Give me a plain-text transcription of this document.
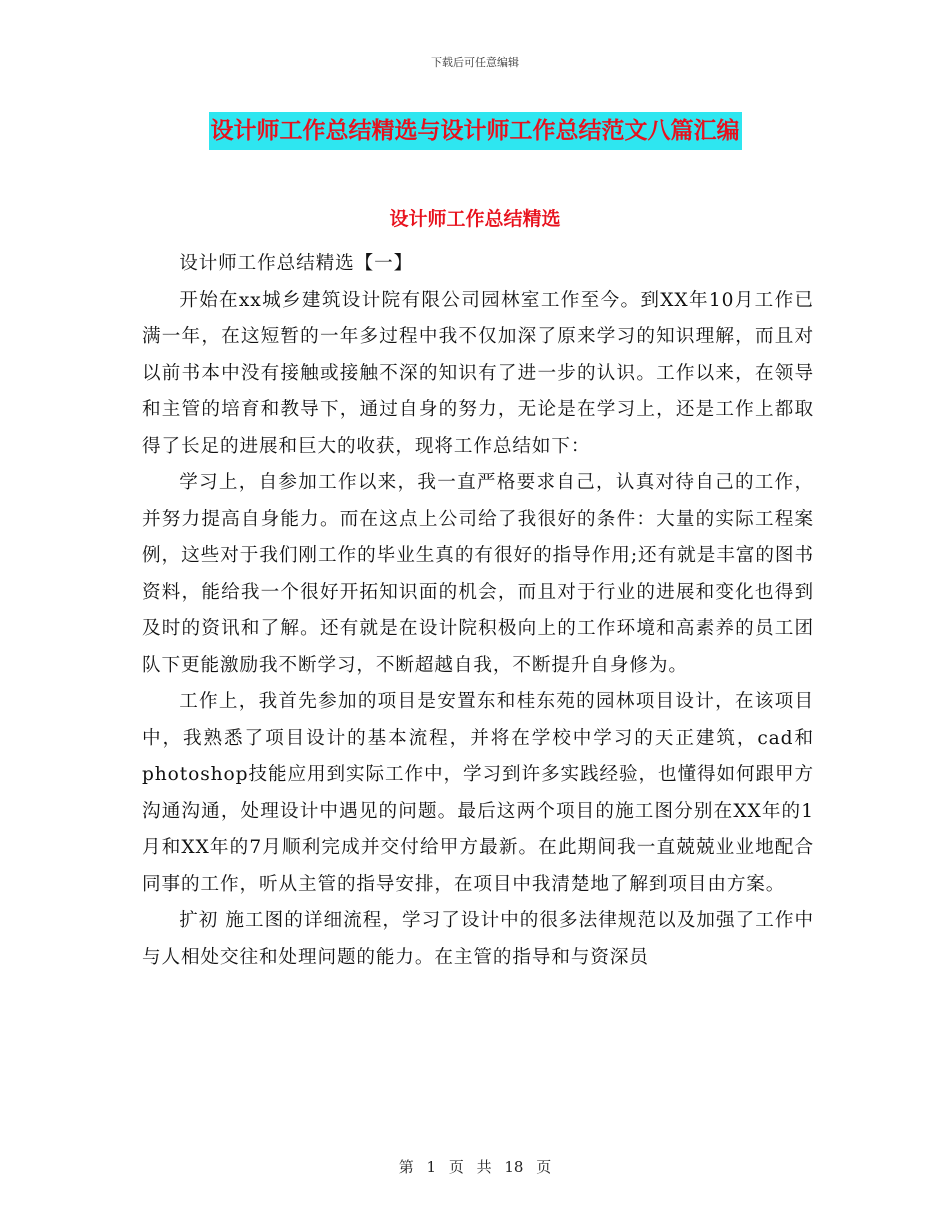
下载后可任意编辑
设计师工作总结精选与设计师工作总结范文八篇汇编
设计师工作总结精选

设计师工作总结精选【一】

开始在xx城乡建筑设计院有限公司园林室工作至今。到XX年10月工作已满一年，在这短暂的一年多过程中我不仅加深了原来学习的知识理解，而且对以前书本中没有接触或接触不深的知识有了进一步的认识。工作以来，在领导和主管的培育和教导下，通过自身的努力，无论是在学习上，还是工作上都取得了长足的进展和巨大的收获，现将工作总结如下：

学习上，自参加工作以来，我一直严格要求自己，认真对待自己的工作，并努力提高自身能力。而在这点上公司给了我很好的条件：大量的实际工程案例，这些对于我们刚工作的毕业生真的有很好的指导作用;还有就是丰富的图书资料，能给我一个很好开拓知识面的机会，而且对于行业的进展和变化也得到及时的资讯和了解。还有就是在设计院积极向上的工作环境和高素养的员工团队下更能激励我不断学习，不断超越自我，不断提升自身修为。

工作上，我首先参加的项目是安置东和桂东苑的园林项目设计，在该项目中，我熟悉了项目设计的基本流程，并将在学校中学习的天正建筑，cad和photoshop技能应用到实际工作中，学习到许多实践经验，也懂得如何跟甲方沟通沟通，处理设计中遇见的问题。最后这两个项目的施工图分别在XX年的1月和XX年的7月顺利完成并交付给甲方最新。在此期间我一直兢兢业业地配合同事的工作，听从主管的指导安排，在项目中我清楚地了解到项目由方案。

扩初 施工图的详细流程，学习了设计中的很多法律规范以及加强了工作中与人相处交往和处理问题的能力。在主管的指导和与资深员

第 1 页 共 18 页
